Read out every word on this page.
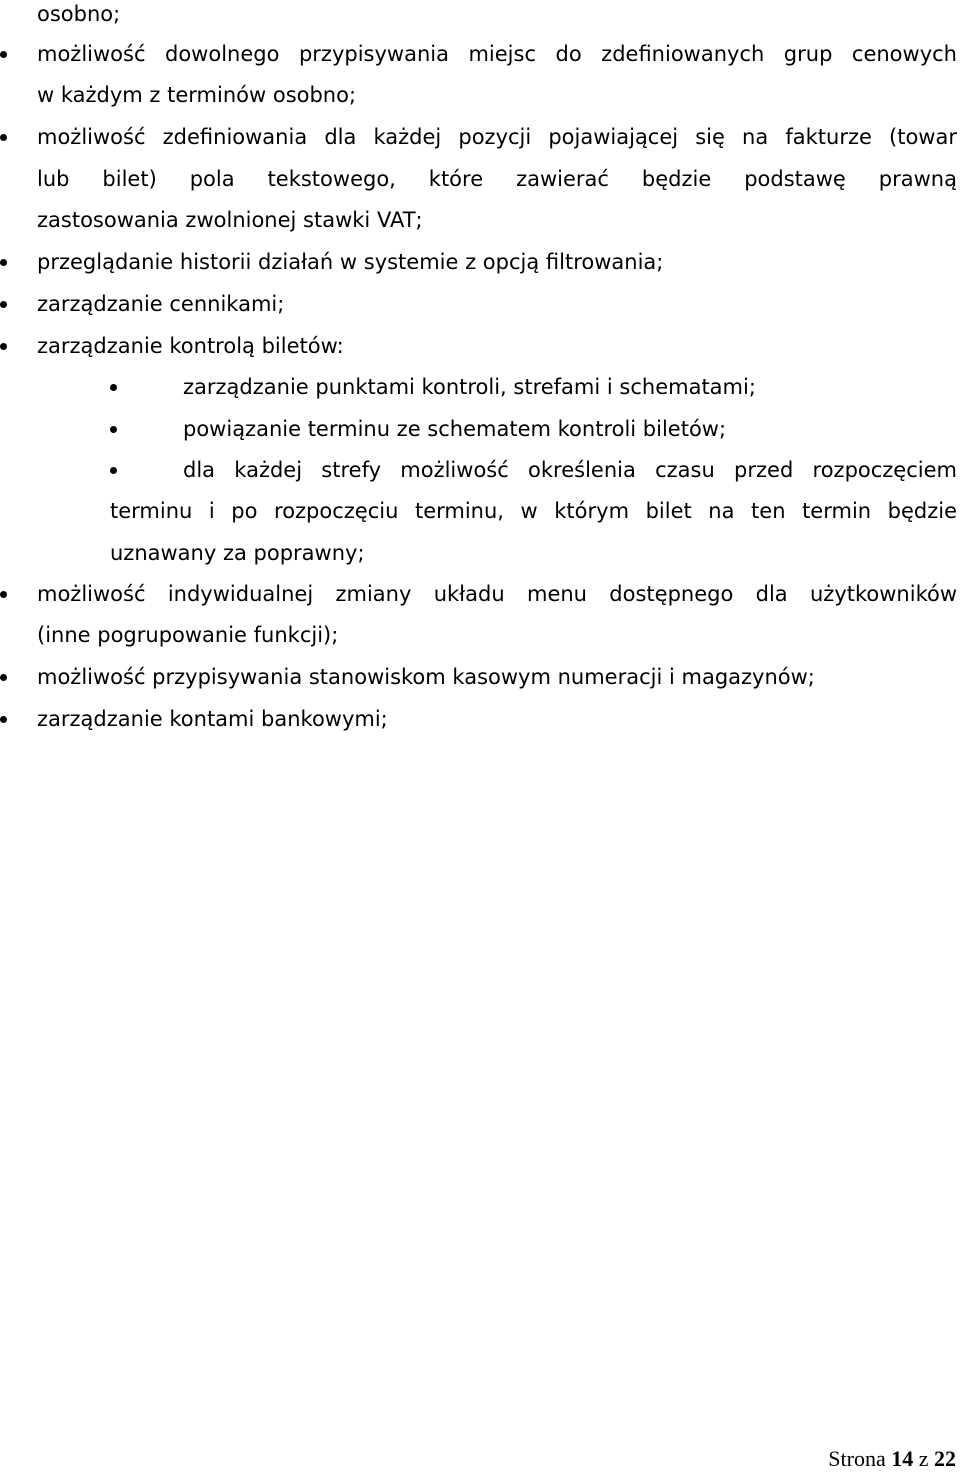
osobno;
możliwość dowolnego przypisywania miejsc do zdefiniowanych grup cenowych
w każdym z terminów osobno;
możliwość zdefiniowania dla każdej pozycji pojawiającej się na fakturze (towar
lub bilet) pola tekstowego, które zawierać będzie podstawę prawną
zastosowania zwolnionej stawki VAT;
przeglądanie historii działań w systemie z opcją filtrowania;
zarządzanie cennikami;
zarządzanie kontrolą biletów:
zarządzanie punktami kontroli, strefami i schematami;
powiązanie terminu ze schematem kontroli biletów;
dla każdej strefy możliwość określenia czasu przed rozpoczęciem
terminu i po rozpoczęciu terminu, w którym bilet na ten termin będzie
uznawany za poprawny;
możliwość indywidualnej zmiany układu menu dostępnego dla użytkowników
(inne pogrupowanie funkcji);
możliwość przypisywania stanowiskom kasowym numeracji i magazynów;
zarządzanie kontami bankowymi;
Strona 14 z 22
